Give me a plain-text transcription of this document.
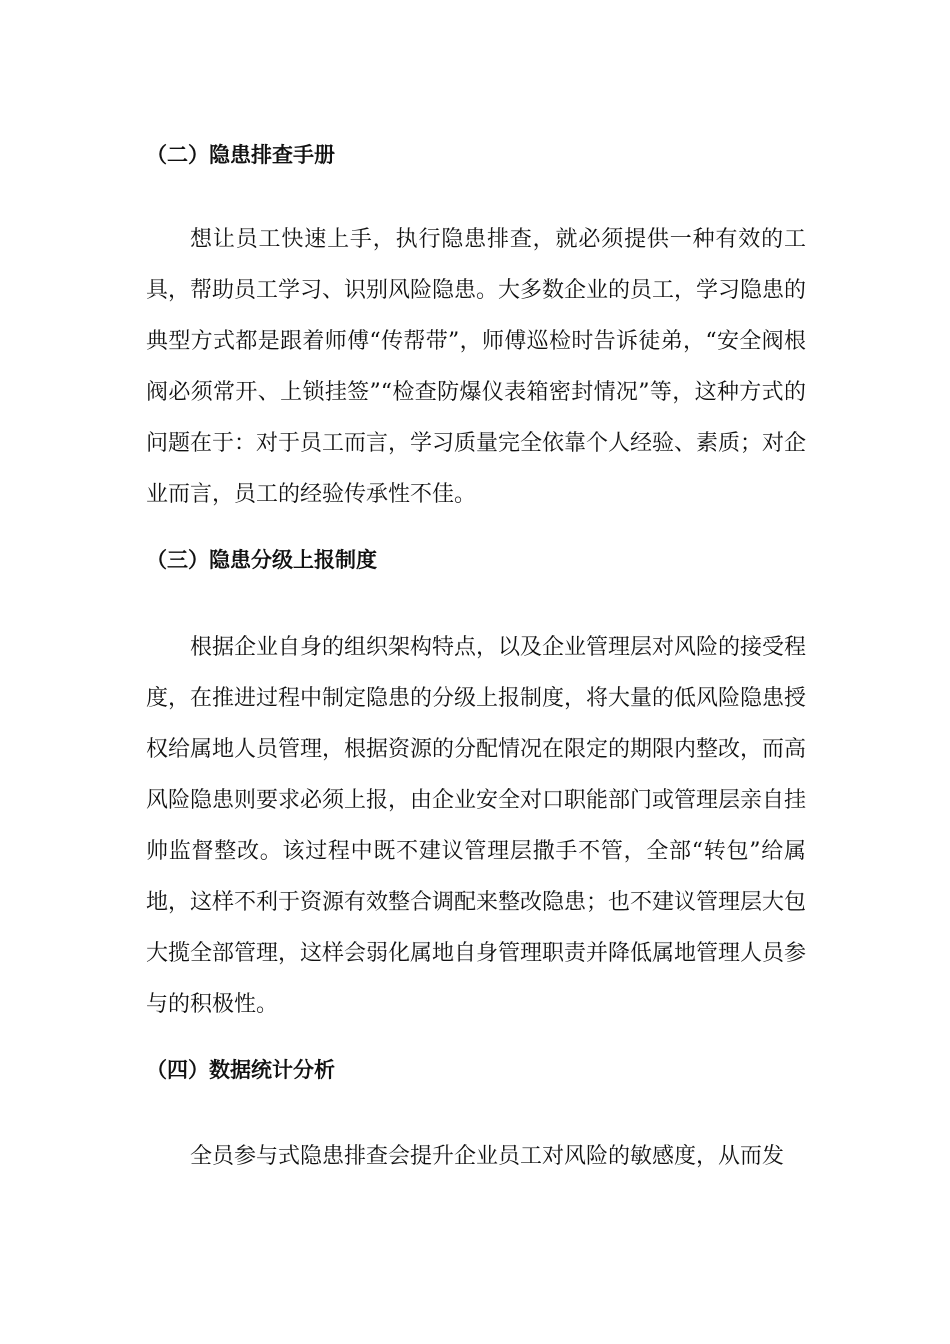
（二）隐患排查手册

想让员工快速上手，执行隐患排查，就必须提供一种有效的工具，帮助员工学习、识别风险隐患。大多数企业的员工，学习隐患的典型方式都是跟着师傅“传帮带”，师傅巡检时告诉徒弟，“安全阀根阀必须常开、上锁挂签”“检查防爆仪表箱密封情况”等，这种方式的问题在于：对于员工而言，学习质量完全依靠个人经验、素质；对企业而言，员工的经验传承性不佳。

（三）隐患分级上报制度

根据企业自身的组织架构特点，以及企业管理层对风险的接受程度，在推进过程中制定隐患的分级上报制度，将大量的低风险隐患授权给属地人员管理，根据资源的分配情况在限定的期限内整改，而高风险隐患则要求必须上报，由企业安全对口职能部门或管理层亲自挂帅监督整改。该过程中既不建议管理层撒手不管，全部“转包”给属地，这样不利于资源有效整合调配来整改隐患；也不建议管理层大包大揽全部管理，这样会弱化属地自身管理职责并降低属地管理人员参与的积极性。

（四）数据统计分析

全员参与式隐患排查会提升企业员工对风险的敏感度，从而发
